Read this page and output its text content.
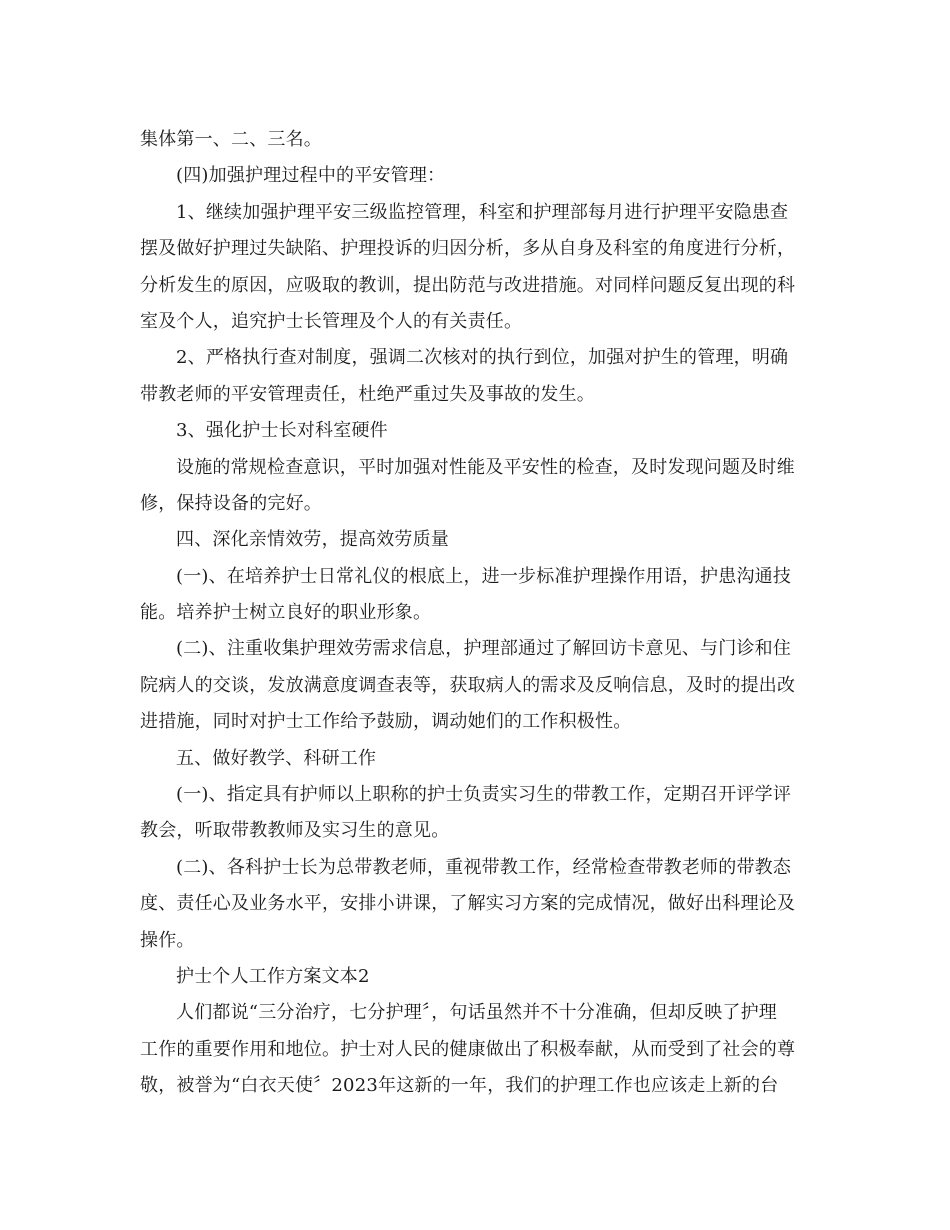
集体第一、二、三名。
(四)加强护理过程中的平安管理：
1、继续加强护理平安三级监控管理，科室和护理部每月进行护理平安隐患查
摆及做好护理过失缺陷、护理投诉的归因分析，多从自身及科室的角度进行分析，
分析发生的原因，应吸取的教训，提出防范与改进措施。对同样问题反复出现的科
室及个人，追究护士长管理及个人的有关责任。
2、严格执行查对制度，强调二次核对的执行到位，加强对护生的管理，明确
带教老师的平安管理责任，杜绝严重过失及事故的发生。
3、强化护士长对科室硬件
设施的常规检查意识，平时加强对性能及平安性的检查，及时发现问题及时维
修，保持设备的完好。
四、深化亲情效劳，提高效劳质量
(一)、在培养护士日常礼仪的根底上，进一步标准护理操作用语，护患沟通技
能。培养护士树立良好的职业形象。
(二)、注重收集护理效劳需求信息，护理部通过了解回访卡意见、与门诊和住
院病人的交谈，发放满意度调查表等，获取病人的需求及反响信息，及时的提出改
进措施，同时对护士工作给予鼓励，调动她们的工作积极性。
五、做好教学、科研工作
(一)、指定具有护师以上职称的护士负责实习生的带教工作，定期召开评学评
教会，听取带教教师及实习生的意见。
(二)、各科护士长为总带教老师，重视带教工作，经常检查带教老师的带教态
度、责任心及业务水平，安排小讲课，了解实习方案的完成情况，做好出科理论及
操作。
护士个人工作方案文本2
人们都说“三分治疗，七分护理〞，句话虽然并不十分准确，但却反映了护理
工作的重要作用和地位。护士对人民的健康做出了积极奉献，从而受到了社会的尊
敬，被誉为“白衣天使〞2023年这新的一年，我们的护理工作也应该走上新的台
